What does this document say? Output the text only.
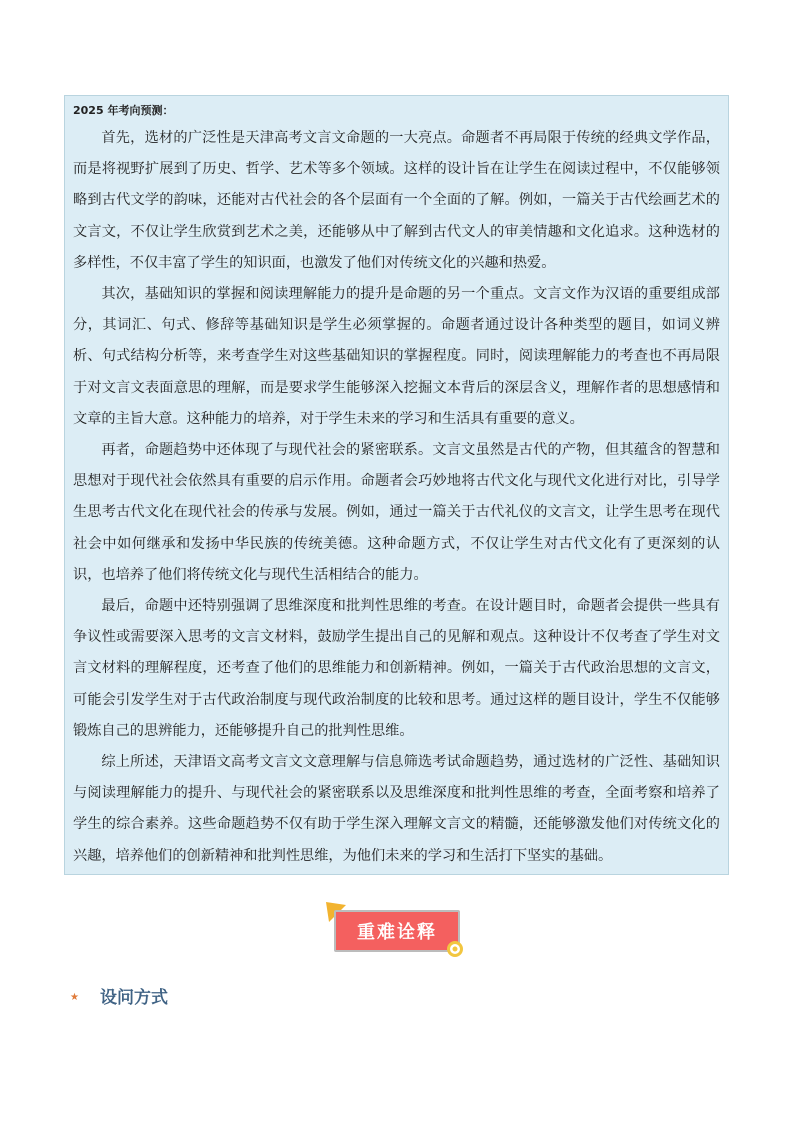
2025 年考向预测：

首先，选材的广泛性是天津高考文言文命题的一大亮点。命题者不再局限于传统的经典文学作品，而是将视野扩展到了历史、哲学、艺术等多个领域。这样的设计旨在让学生在阅读过程中，不仅能够领略到古代文学的韵味，还能对古代社会的各个层面有一个全面的了解。例如，一篇关于古代绘画艺术的文言文，不仅让学生欣赏到艺术之美，还能够从中了解到古代文人的审美情趣和文化追求。这种选材的多样性，不仅丰富了学生的知识面，也激发了他们对传统文化的兴趣和热爱。

其次，基础知识的掌握和阅读理解能力的提升是命题的另一个重点。文言文作为汉语的重要组成部分，其词汇、句式、修辞等基础知识是学生必须掌握的。命题者通过设计各种类型的题目，如词义辨析、句式结构分析等，来考查学生对这些基础知识的掌握程度。同时，阅读理解能力的考查也不再局限于对文言文表面意思的理解，而是要求学生能够深入挖掘文本背后的深层含义，理解作者的思想感情和文章的主旨大意。这种能力的培养，对于学生未来的学习和生活具有重要的意义。

再者，命题趋势中还体现了与现代社会的紧密联系。文言文虽然是古代的产物，但其蕴含的智慧和思想对于现代社会依然具有重要的启示作用。命题者会巧妙地将古代文化与现代文化进行对比，引导学生思考古代文化在现代社会的传承与发展。例如，通过一篇关于古代礼仪的文言文，让学生思考在现代社会中如何继承和发扬中华民族的传统美德。这种命题方式，不仅让学生对古代文化有了更深刻的认识，也培养了他们将传统文化与现代生活相结合的能力。

最后，命题中还特别强调了思维深度和批判性思维的考查。在设计题目时，命题者会提供一些具有争议性或需要深入思考的文言文材料，鼓励学生提出自己的见解和观点。这种设计不仅考查了学生对文言文材料的理解程度，还考查了他们的思维能力和创新精神。例如，一篇关于古代政治思想的文言文，可能会引发学生对于古代政治制度与现代政治制度的比较和思考。通过这样的题目设计，学生不仅能够锻炼自己的思辨能力，还能够提升自己的批判性思维。

综上所述，天津语文高考文言文文意理解与信息筛选考试命题趋势，通过选材的广泛性、基础知识与阅读理解能力的提升、与现代社会的紧密联系以及思维深度和批判性思维的考查，全面考察和培养了学生的综合素养。这些命题趋势不仅有助于学生深入理解文言文的精髓，还能够激发他们对传统文化的兴趣，培养他们的创新精神和批判性思维，为他们未来的学习和生活打下坚实的基础。

重难诠释
★	设问方式
